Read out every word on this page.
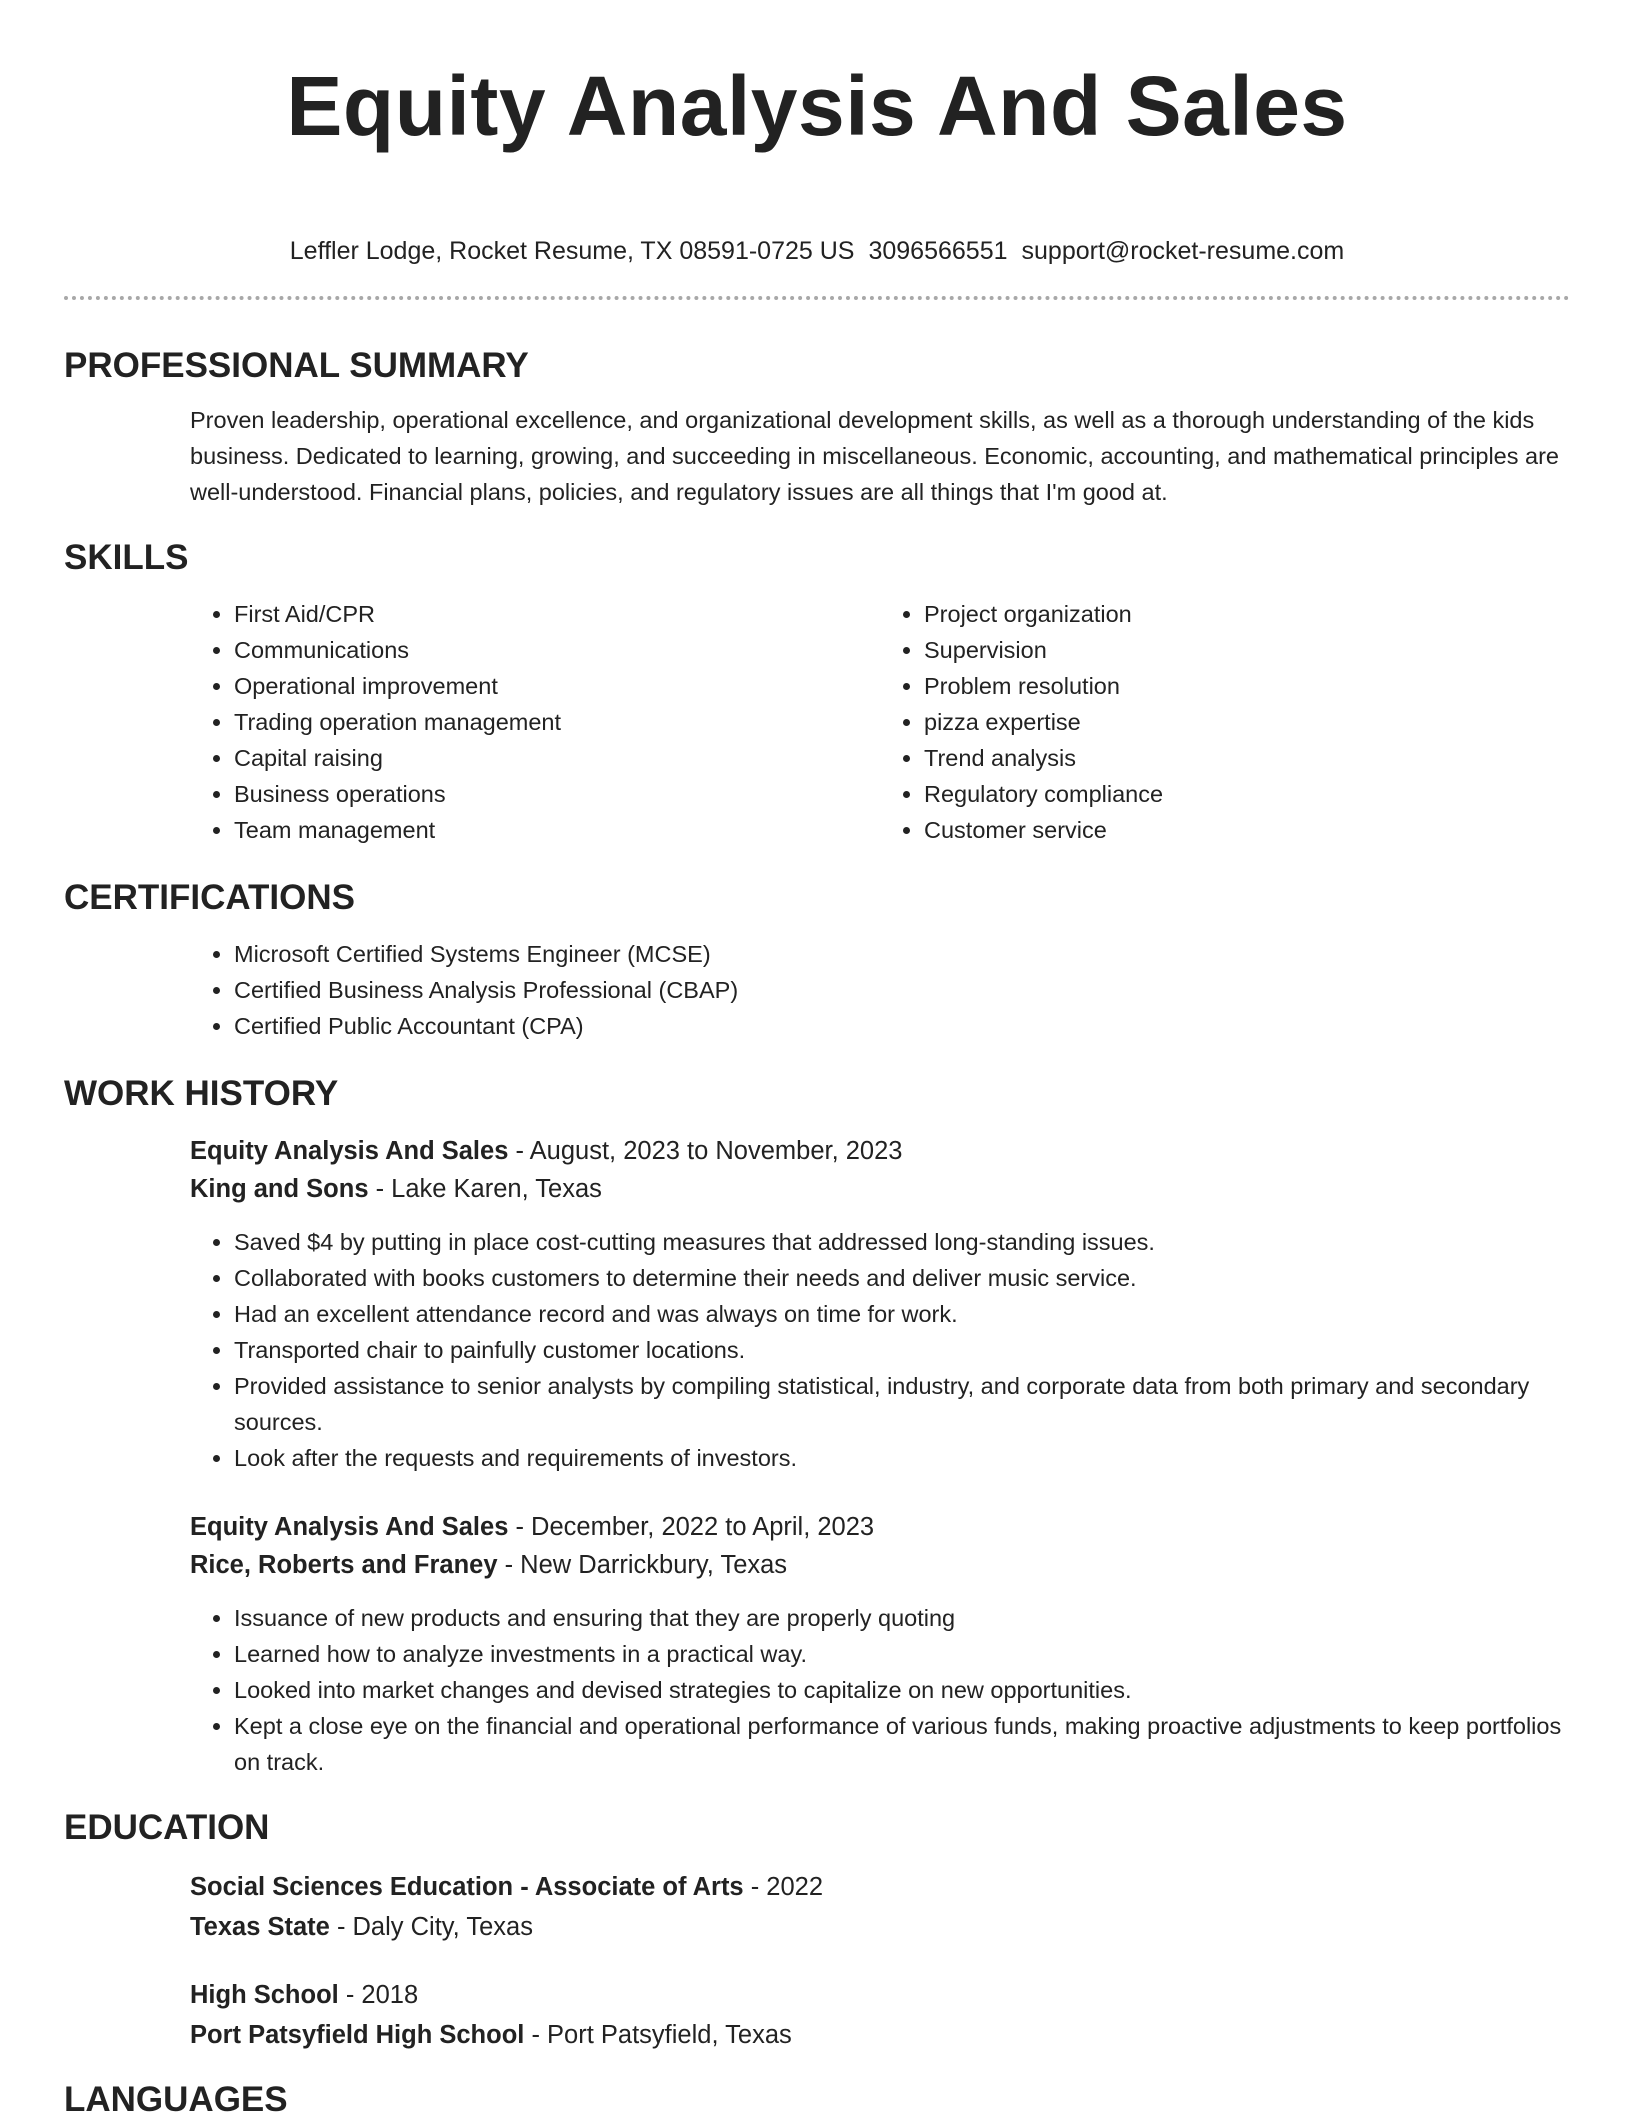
Equity Analysis And Sales
Leffler Lodge, Rocket Resume, TX 08591-0725 US 3096566551 support@rocket-resume.com
PROFESSIONAL SUMMARY

Proven leadership, operational excellence, and organizational development skills, as well as a thorough understanding of the kids business. Dedicated to learning, growing, and succeeding in miscellaneous. Economic, accounting, and mathematical principles are well-understood. Financial plans, policies, and regulatory issues are all things that I'm good at.

SKILLS
• First Aid/CPR
• Communications
• Operational improvement
• Trading operation management
• Capital raising
• Business operations
• Team management
• Project organization
• Supervision
• Problem resolution
• pizza expertise
• Trend analysis
• Regulatory compliance
• Customer service
CERTIFICATIONS
• Microsoft Certified Systems Engineer (MCSE)
• Certified Business Analysis Professional (CBAP)
• Certified Public Accountant (CPA)
WORK HISTORY
Equity Analysis And Sales - August, 2023 to November, 2023
King and Sons - Lake Karen, Texas
• Saved $4 by putting in place cost-cutting measures that addressed long-standing issues.
• Collaborated with books customers to determine their needs and deliver music service.
• Had an excellent attendance record and was always on time for work.
• Transported chair to painfully customer locations.
• Provided assistance to senior analysts by compiling statistical, industry, and corporate data from both primary and secondary sources.
• Look after the requests and requirements of investors.
Equity Analysis And Sales - December, 2022 to April, 2023
Rice, Roberts and Franey - New Darrickbury, Texas
• Issuance of new products and ensuring that they are properly quoting
• Learned how to analyze investments in a practical way.
• Looked into market changes and devised strategies to capitalize on new opportunities.
• Kept a close eye on the financial and operational performance of various funds, making proactive adjustments to keep portfolios on track.
EDUCATION
Social Sciences Education - Associate of Arts - 2022
Texas State - Daly City, Texas
High School - 2018
Port Patsyfield High School - Port Patsyfield, Texas
LANGUAGES
